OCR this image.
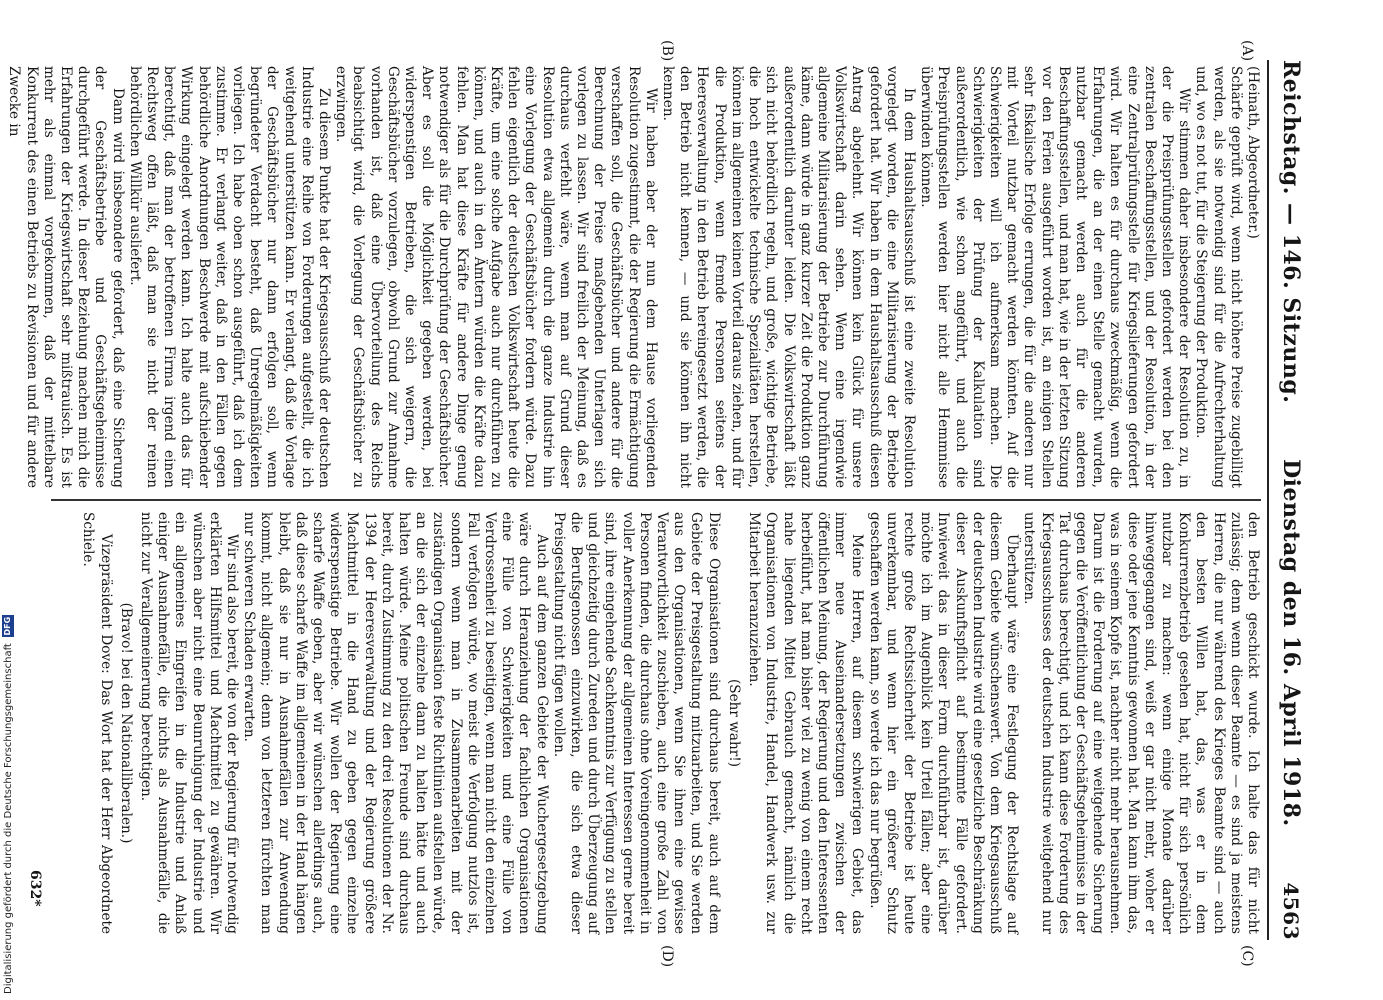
Reichstag. — 146. Sitzung.
Dienstag den 16. April 1918.
4563
(A)
(B)
(C)
(D)

(Heinath, Abgeordneter.)

Schärfe geprüft wird, wenn nicht höhere Preise zugebilligt werden, als sie notwendig sind für die Aufrechterhaltung und, wo es not tut, für die Steigerung der Produktion.

Wir stimmen daher insbesondere der Resolution zu, in der die Preisprüfungsstellen gefordert werden bei den zentralen Beschaffungsstellen, und der Resolution, in der eine Zentralprüfungsstelle für Kriegslieferungen gefordert wird. Wir halten es für durchaus zweckmäßig, wenn die Erfahrungen, die an der einen Stelle gemacht wurden, nutzbar gemacht werden auch für die anderen Beschaffungsstellen, und man hat, wie in der letzten Sitzung vor den Ferien ausgeführt worden ist, an einigen Stellen sehr fiskalische Erfolge errungen, die für die anderen nur mit Vorteil nutzbar gemacht werden könnten. Auf die Schwierigkeiten will ich aufmerksam machen. Die Schwierigkeiten der Prüfung der Kalkulation sind außerordentlich, wie schon angeführt, und auch die Preisprüfungsstellen werden hier nicht alle Hemmnisse überwinden können.

In dem Haushaltsausschuß ist eine zweite Resolution vorgelegt worden, die eine Militarisierung der Betriebe gefordert hat. Wir haben in dem Haushaltsausschuß diesen Antrag abgelehnt. Wir können kein Glück für unsere Volkswirtschaft darin sehen. Wenn eine irgendwie allgemeine Militarisierung der Betriebe zur Durchführung käme, dann würde in ganz kurzer Zeit die Produktion ganz außerordentlich darunter leiden. Die Volkswirtschaft läßt sich nicht behördlich regeln, und große, wichtige Betriebe, die hoch entwickelte technische Spezialitäten herstellen, können im allgemeinen keinen Vorteil daraus ziehen, und für die Produktion, wenn fremde Personen seitens der Heeresverwaltung in den Betrieb hereingesetzt werden, die den Betrieb nicht kennen, — und sie können ihn nicht kennen.

Wir haben aber der nun dem Hause vorliegenden Resolution zugestimmt, die der Regierung die Ermächtigung verschaffen soll, die Geschäftsbücher und andere für die Berechnung der Preise maßgebenden Unterlagen sich vorlegen zu lassen. Wir sind freilich der Meinung, daß es durchaus verfehlt wäre, wenn man auf Grund dieser Resolution etwa allgemein durch die ganze Industrie hin eine Vorlegung der Geschäftsbücher fordern würde. Dazu fehlen eigentlich der deutschen Volkswirtschaft heute die Kräfte, um eine solche Aufgabe auch nur durchführen zu können, und auch in den Ämtern würden die Kräfte dazu fehlen. Man hat diese Kräfte für andere Dinge genug notwendiger als für die Durchprüfung der Geschäftsbücher. Aber es soll die Möglichkeit gegeben werden, bei widerspenstigen Betrieben, die sich weigern, die Geschäftsbücher vorzulegen, obwohl Grund zur Annahme vorhanden ist, daß eine Übervorteilung des Reichs beabsichtigt wird, die Vorlegung der Geschäftsbücher zu erzwingen.

Zu diesem Punkte hat der Kriegsausschuß der deutschen Industrie eine Reihe von Forderungen aufgestellt, die ich weitgehend unterstützen kann. Er verlangt, daß die Vorlage der Geschäftsbücher nur dann erfolgen soll, wenn begründeter Verdacht besteht, daß Unregelmäßigkeiten vorliegen. Ich habe oben schon ausgeführt, daß ich dem zustimme. Er verlangt weiter, daß in den Fällen gegen behördliche Anordnungen Beschwerde mit aufschiebender Wirkung eingelegt werden kann. Ich halte auch das für berechtigt, daß man der betroffenen Firma irgend einen Rechtsweg offen läßt, daß man sie nicht der reinen behördlichen Willkür ausliefert.

Dann wird insbesondere gefordert, daß eine Sicherung der Geschäftsbetriebe und Geschäftsgeheimnisse durchgeführt werde. In dieser Beziehung machen mich die Erfahrungen der Kriegswirtschaft sehr mißtrauisch. Es ist mehr als einmal vorgekommen, daß der mittelbare Konkurrent des einen Betriebs zu Revisionen und für andere Zwecke in

den Betrieb geschickt wurde. Ich halte das für nicht zulässig; denn wenn dieser Beamte — es sind ja meistens Herren, die nur während des Krieges Beamte sind — auch den besten Willen hat, das, was er in dem Konkurrenzbetrieb gesehen hat, nicht für sich persönlich nutzbar zu machen: wenn einige Monate darüber hinweggegangen sind, weiß er gar nicht mehr, woher er diese oder jene Kenntnis gewonnen hat. Man kann ihm das, was in seinem Kopfe ist, nachher nicht mehr herausnehmen. Darum ist die Forderung auf eine weitgehende Sicherung gegen die Veröffentlichung der Geschäftsgeheimnisse in der Tat durchaus berechtigt, und ich kann diese Forderung des Kriegsausschusses der deutschen Industrie weitgehend nur unterstützen.

Überhaupt wäre eine Festlegung der Rechtslage auf diesem Gebiete wünschenswert. Von dem Kriegsausschuß der deutschen Industrie wird eine gesetzliche Beschränkung dieser Auskunftspflicht auf bestimmte Fälle gefordert. Inwieweit das in dieser Form durchführbar ist, darüber möchte ich im Augenblick kein Urteil fällen; aber eine rechte große Rechtssicherheit der Betriebe ist heute unverkennbar, und wenn hier ein größerer Schutz geschaffen werden kann, so werde ich das nur begrüßen.

Meine Herren, auf diesem schwierigen Gebiet, das immer neue Auseinandersetzungen zwischen der öffentlichen Meinung, der Regierung und den Interessenten herbeiführt, hat man bisher viel zu wenig von einem recht nahe liegenden Mittel Gebrauch gemacht, nämlich die Organisationen von Industrie, Handel, Handwerk usw. zur Mitarbeit heranzuziehen.

(Sehr wahr!)

Diese Organisationen sind durchaus bereit, auch auf dem Gebiete der Preisgestaltung mitzuarbeiten, und Sie werden aus den Organisationen, wenn Sie ihnen eine gewisse Verantwortlichkeit zuschieben, auch eine große Zahl von Personen finden, die durchaus ohne Voreingenommenheit in voller Anerkennung der allgemeinen Interessen gerne bereit sind, ihre eingehende Sachkenntnis zur Verfügung zu stellen und gleichzeitig durch Zureden und durch Überzeugung auf die Berufsgenossen einzuwirken, die sich etwa dieser Preisgestaltung nicht fügen wollen.

Auch auf dem ganzen Gebiete der Wuchergesetzgebung wäre durch Heranziehung der fachlichen Organisationen eine Fülle von Schwierigkeiten und eine Fülle von Verdrossenheit zu beseitigen, wenn man nicht den einzelnen Fall verfolgen würde, wo meist die Verfolgung nutzlos ist, sondern wenn man in Zusammenarbeiten mit der zuständigen Organisation feste Richtlinien aufstellen würde, an die sich der einzelne dann zu halten hätte und auch halten würde. Meine politischen Freunde sind durchaus bereit, durch Zustimmung zu den drei Resolutionen der Nr. 1394 der Heeresverwaltung und der Regierung größere Machtmittel in die Hand zu geben gegen einzelne widerspenstige Betriebe. Wir wollen der Regierung eine scharfe Waffe geben, aber wir wünschen allerdings auch, daß diese scharfe Waffe im allgemeinen in der Hand hängen bleibt, daß sie nur in Ausnahmefällen zur Anwendung kommt, nicht allgemein; denn von letzteren fürchten man nur schweren Schaden erwarten.

Wir sind also bereit, die von der Regierung für notwendig erklärten Hilfsmittel und Machtmittel zu gewähren. Wir wünschen aber nicht eine Beunruhigung der Industrie und ein allgemeines Eingreifen in die Industrie und Anlaß einiger Ausnahmefälle, die nichts als Ausnahmefälle, die nicht zur Verallgemeinerung berechtigen.

(Bravo! bei den Nationalliberalen.)

Vizepräsident Dove: Das Wort hat der Herr Abgeordnete Schiele.

632*
Digitalisierung gefördert durch die Deutsche Forschungsgemeinschaft
DFG
